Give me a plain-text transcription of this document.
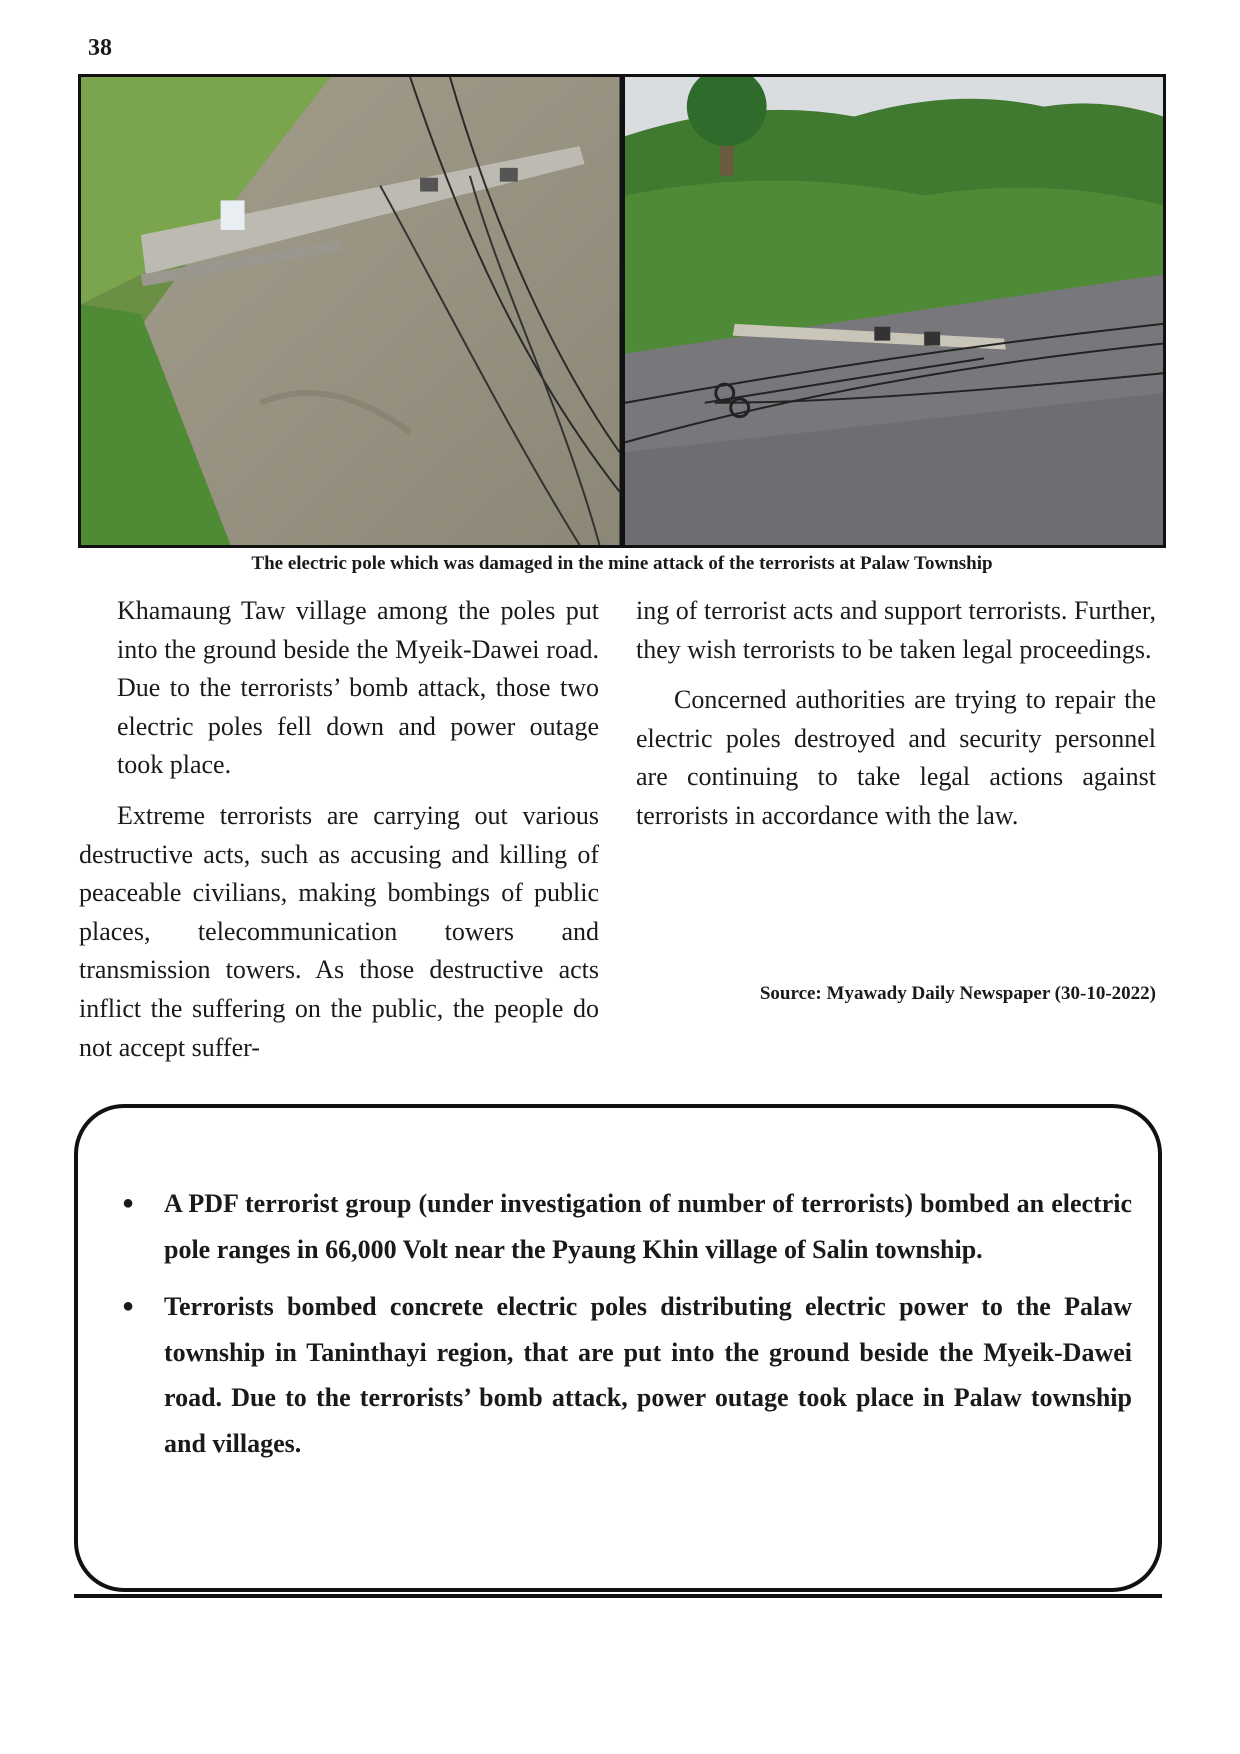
38
The electric pole which was damaged in the mine attack of the terrorists at Palaw Township

Khamaung Taw village among the poles put into the ground beside the Myeik-Dawei road. Due to the terrorists’ bomb attack, those two electric poles fell down and power outage took place.

Extreme terrorists are carrying out various destructive acts, such as accusing and killing of peaceable civilians, making bombings of public places, telecommunication towers and transmission towers. As those destructive acts inflict the suffering on the public, the people do not accept suffer-

ing of terrorist acts and support terrorists. Further, they wish terrorists to be taken legal proceedings.

Concerned authorities are trying to repair the electric poles destroyed and security personnel are continuing to take legal actions against terrorists in accordance with the law.

Source: Myawady Daily Newspaper (30-10-2022)
● A PDF terrorist group (under investigation of number of terrorists) bombed an electric pole ranges in 66,000 Volt near the Pyaung Khin village of Salin township.
● Terrorists bombed concrete electric poles distributing electric power to the Palaw township in Taninthayi region, that are put into the ground beside the Myeik-Dawei road. Due to the terrorists’ bomb attack, power outage took place in Palaw township and villages.
